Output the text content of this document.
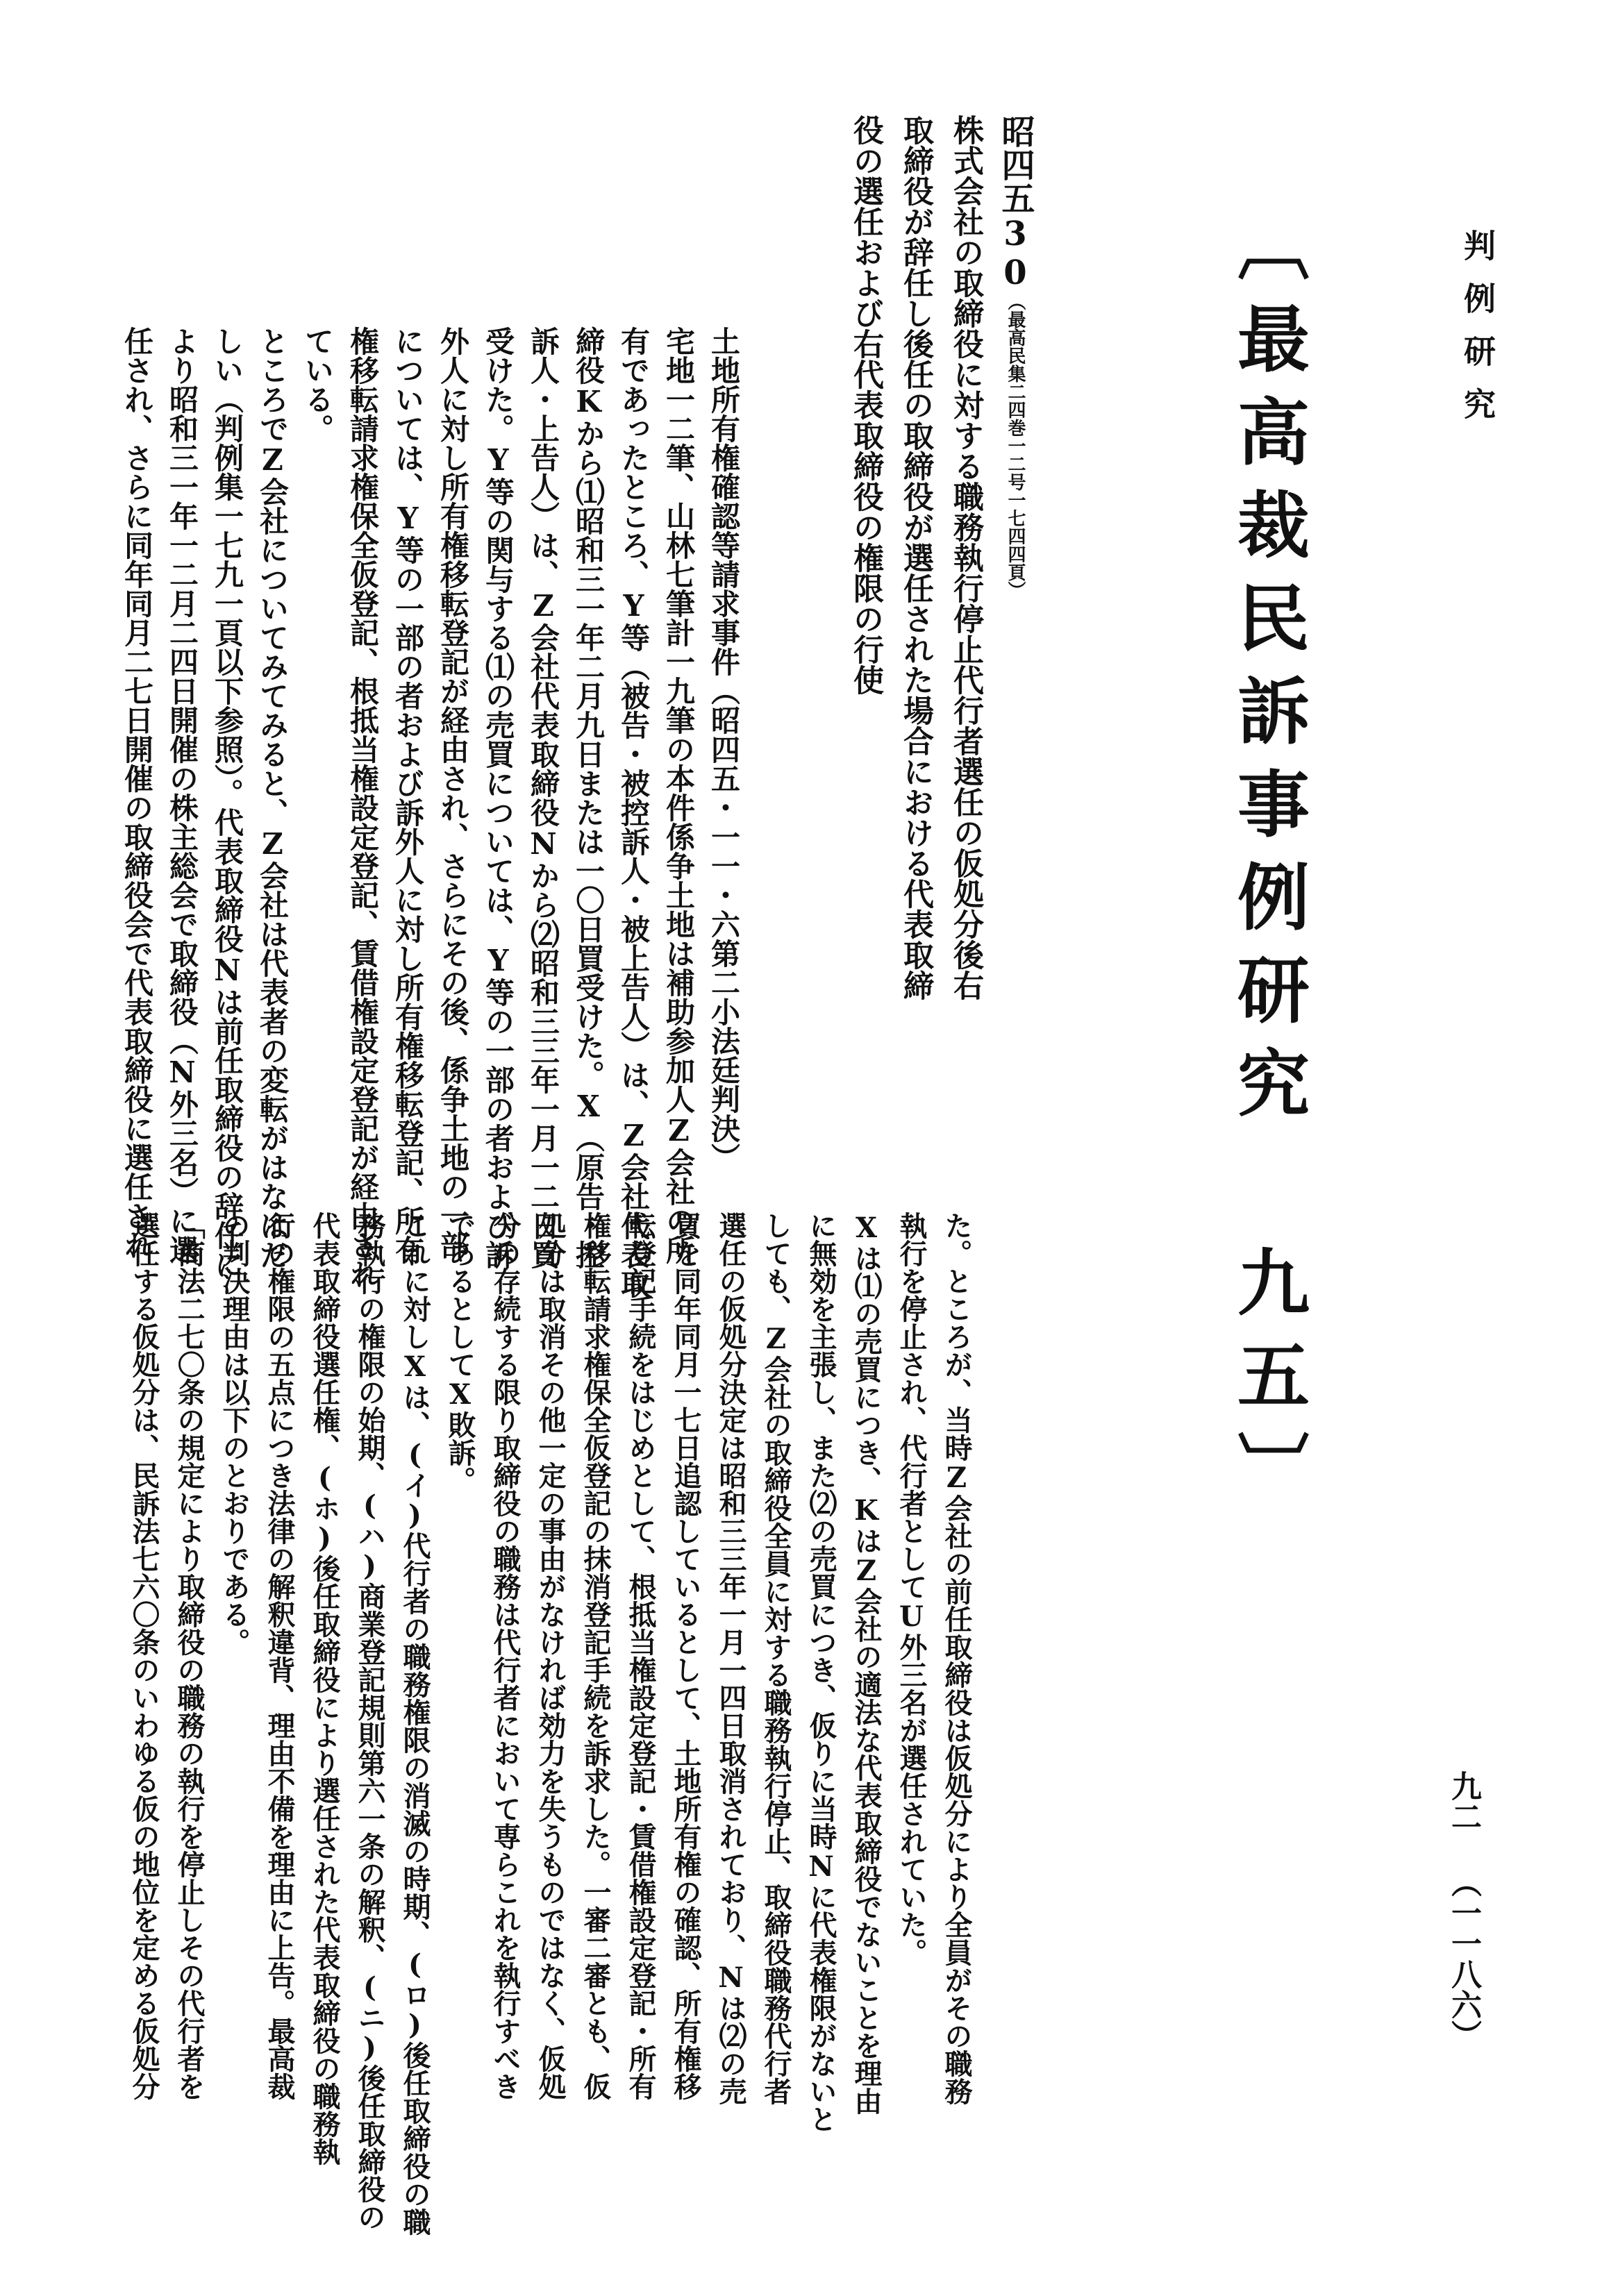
判例研究
〔最高裁民訴事例研究 九五〕
昭四五30（最高民集二四巻一二号一七四四頁）
株式会社の取締役に対する職務執行停止代行者選任の仮処分後右
取締役が辞任し後任の取締役が選任された場合における代表取締
役の選任および右代表取締役の権限の行使
土地所有権確認等請求事件（昭四五・一一・六第二小法廷判決）
宅地一二筆、山林七筆計一九筆の本件係争土地は補助参加人Z会社の所
有であったところ、Y等（被告・被控訴人・被上告人）は、Z会社代表取
締役Kから⑴昭和三一年二月九日または一〇日買受けた。X（原告・控
訴人・上告人）は、Z会社代表取締役Nから⑵昭和三三年一月一二日買
受けた。Y等の関与する⑴の売買については、Y等の一部の者および訴
外人に対し所有権移転登記が経由され、さらにその後、係争土地の一部
については、Y等の一部の者および訴外人に対し所有権移転登記、所有
権移転請求権保全仮登記、根抵当権設定登記、賃借権設定登記が経由され
ている。
ところでZ会社についてみてみると、Z会社は代表者の変転がはなはだ
しい（判例集一七九一頁以下参照）。代表取締役Nは前任取締役の辞任に
より昭和三一年一二月二四日開催の株主総会で取締役（N外三名）に選
任され、さらに同年同月二七日開催の取締役会で代表取締役に選任され
た。ところが、当時Z会社の前任取締役は仮処分により全員がその職務
執行を停止され、代行者としてU外三名が選任されていた。
Xは⑴の売買につき、KはZ会社の適法な代表取締役でないことを理由
に無効を主張し、また⑵の売買につき、仮りに当時Nに代表権限がないと
しても、Z会社の取締役全員に対する職務執行停止、取締役職務代行者
選任の仮処分決定は昭和三三年一月一四日取消されており、Nは⑵の売
買を同年同月一七日追認しているとして、土地所有権の確認、所有権移
転登記手続をはじめとして、根抵当権設定登記・賃借権設定登記・所有
権移転請求権保全仮登記の抹消登記手続を訴求した。一審二審とも、仮
処分は取消その他一定の事由がなければ効力を失うものではなく、仮処
分の存続する限り取締役の職務は代行者において専らこれを執行すべき
であるとしてX敗訴。
これに対しXは、(イ)代行者の職務権限の消滅の時期、(ロ)後任取締役の職
務執行の権限の始期、(ハ)商業登記規則第六一条の解釈、(ニ)後任取締役の
代表取締役選任権、(ホ)後任取締役により選任された代表取締役の職務執
行の権限の五点につき法律の解釈違背、理由不備を理由に上告。最高裁
の判決理由は以下のとおりである。
「商法二七〇条の規定により取締役の職務の執行を停止しその代行者を
選任する仮処分は、民訴法七六〇条のいわゆる仮の地位を定める仮処分	九二 （一一八六）
